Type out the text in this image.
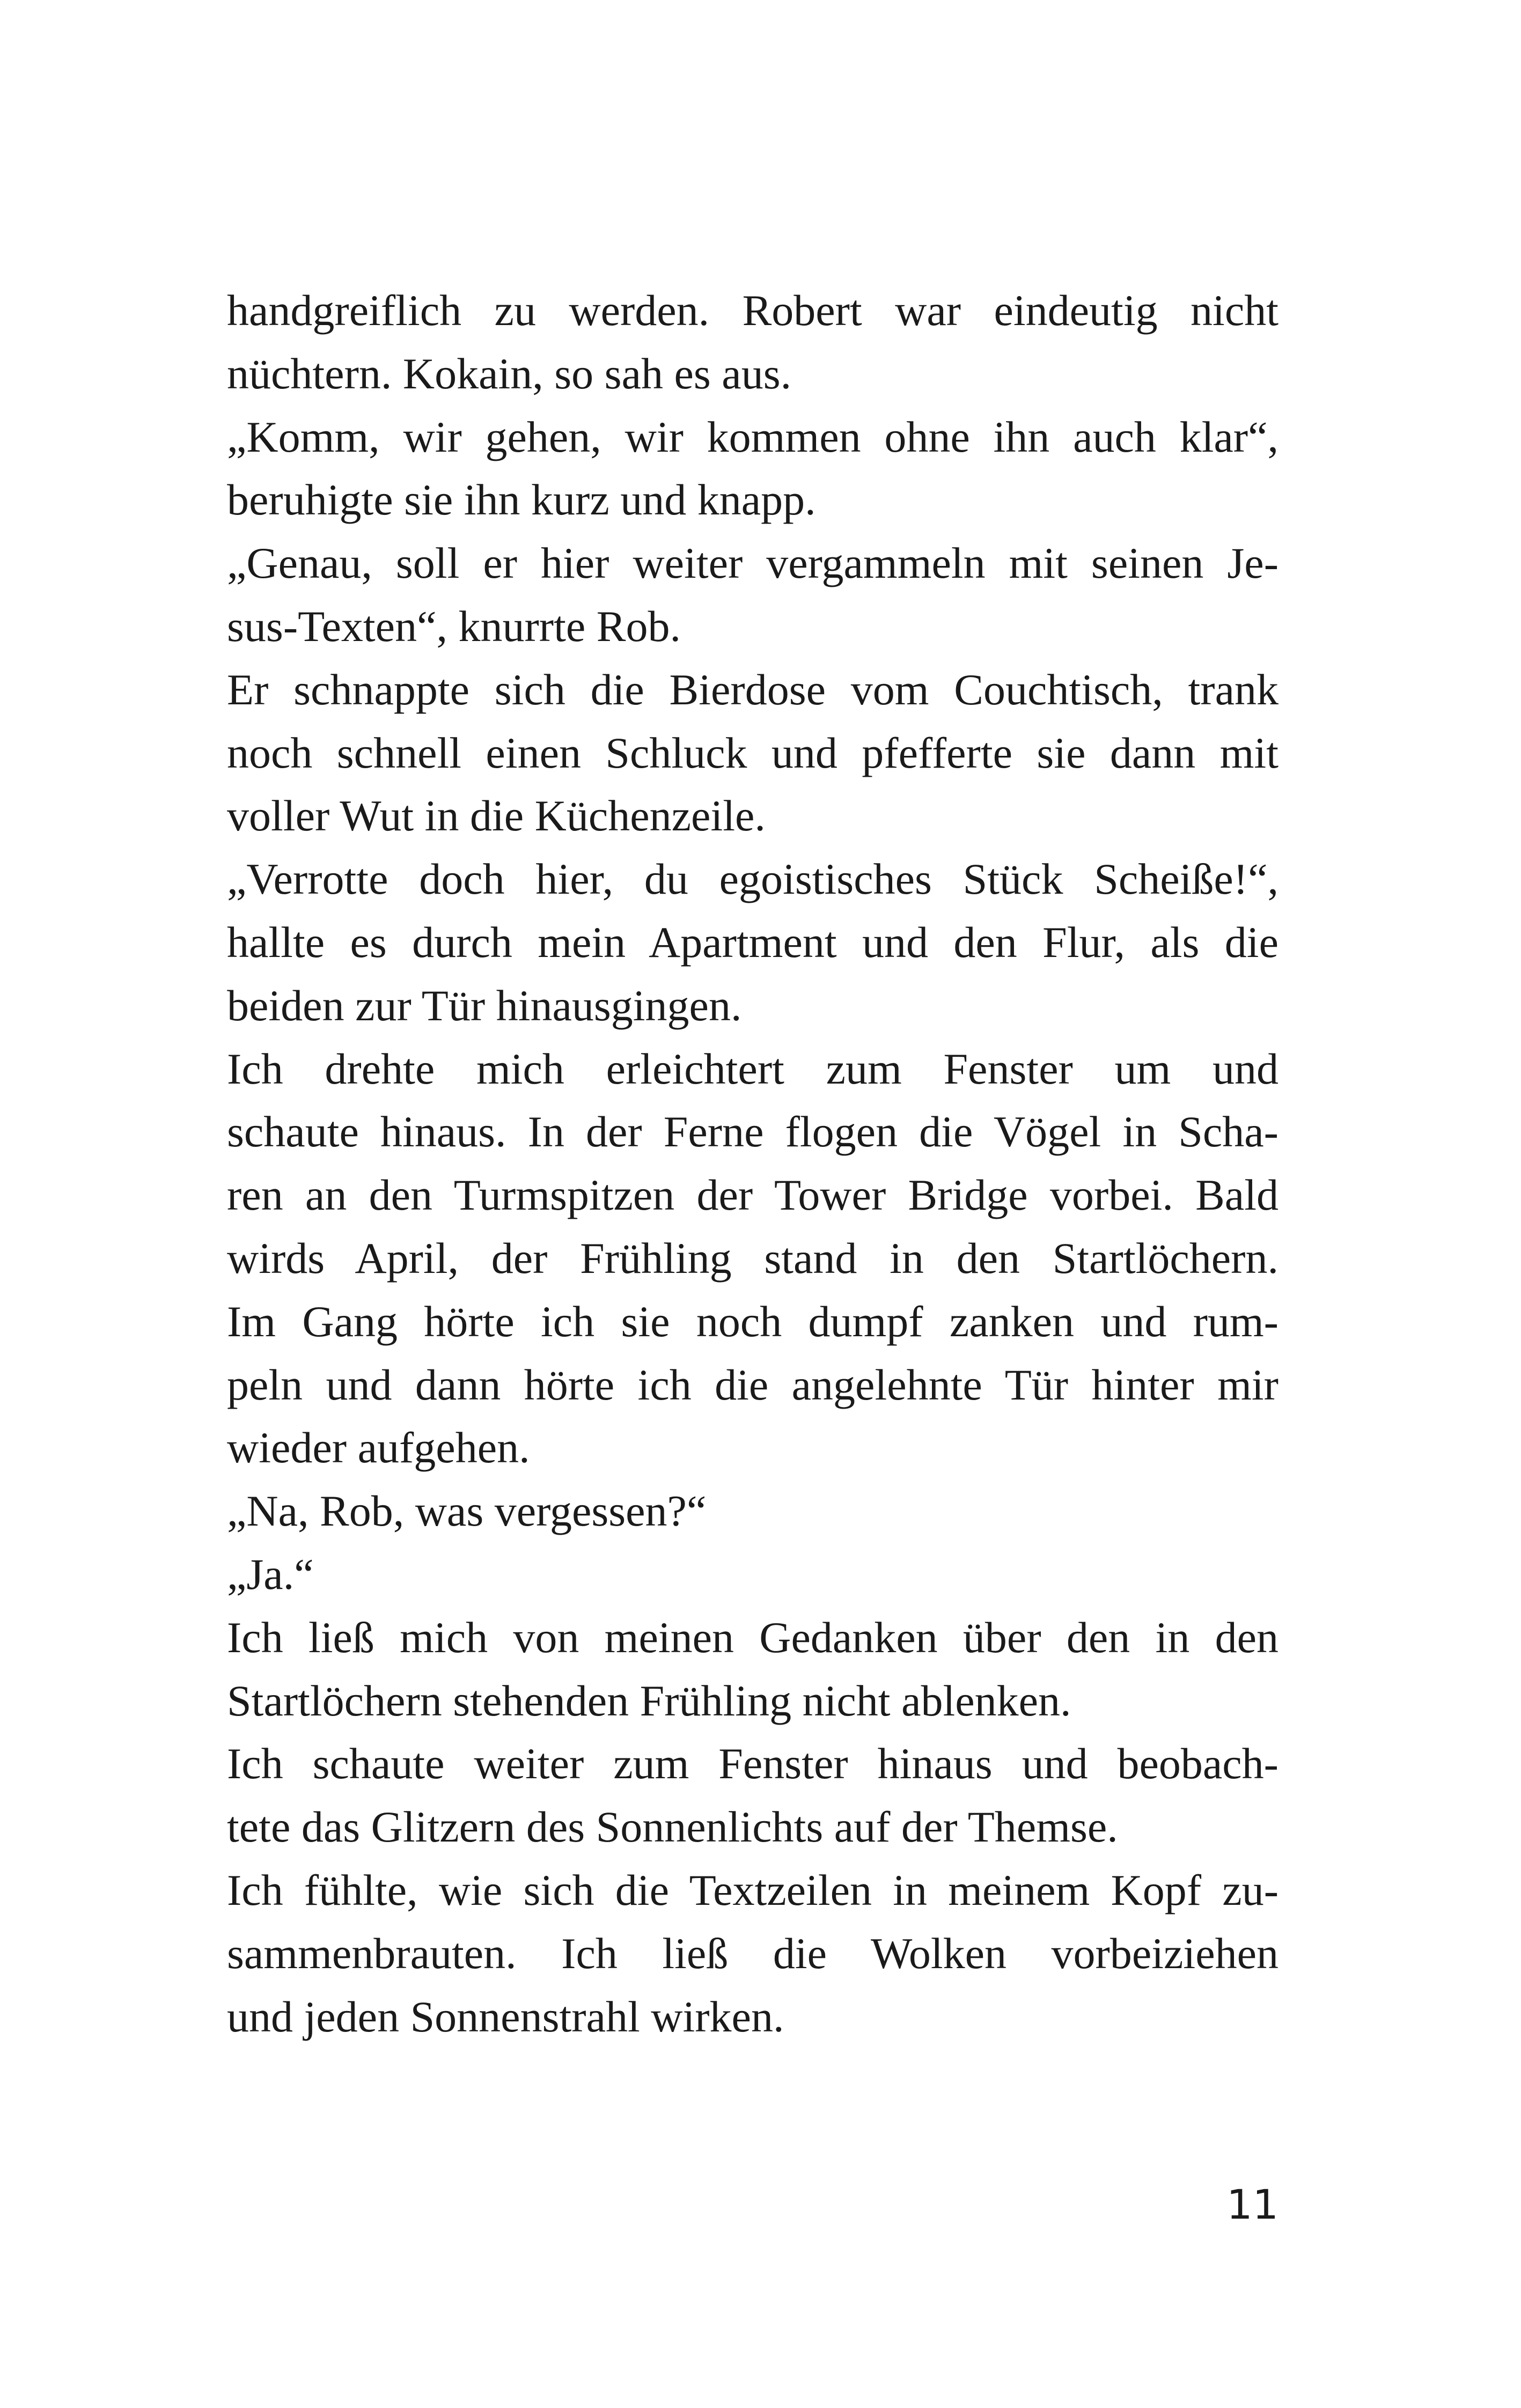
handgreiflich zu werden. Robert war eindeutig nicht
nüchtern. Kokain, so sah es aus.
„Komm, wir gehen, wir kommen ohne ihn auch klar“,
beruhigte sie ihn kurz und knapp.
„Genau, soll er hier weiter vergammeln mit seinen Je-
sus-Texten“, knurrte Rob.
Er schnappte sich die Bierdose vom Couchtisch, trank
noch schnell einen Schluck und pfefferte sie dann mit
voller Wut in die Küchenzeile.
„Verrotte doch hier, du egoistisches Stück Scheiße!“,
hallte es durch mein Apartment und den Flur, als die
beiden zur Tür hinausgingen.
Ich drehte mich erleichtert zum Fenster um und
schaute hinaus. In der Ferne flogen die Vögel in Scha-
ren an den Turmspitzen der Tower Bridge vorbei. Bald
wirds April, der Frühling stand in den Startlöchern.
Im Gang hörte ich sie noch dumpf zanken und rum-
peln und dann hörte ich die angelehnte Tür hinter mir
wieder aufgehen.
„Na, Rob, was vergessen?“
„Ja.“
Ich ließ mich von meinen Gedanken über den in den
Startlöchern stehenden Frühling nicht ablenken.
Ich schaute weiter zum Fenster hinaus und beobach-
tete das Glitzern des Sonnenlichts auf der Themse.
Ich fühlte, wie sich die Textzeilen in meinem Kopf zu-
sammenbrauten. Ich ließ die Wolken vorbeiziehen
und jeden Sonnenstrahl wirken.
11
